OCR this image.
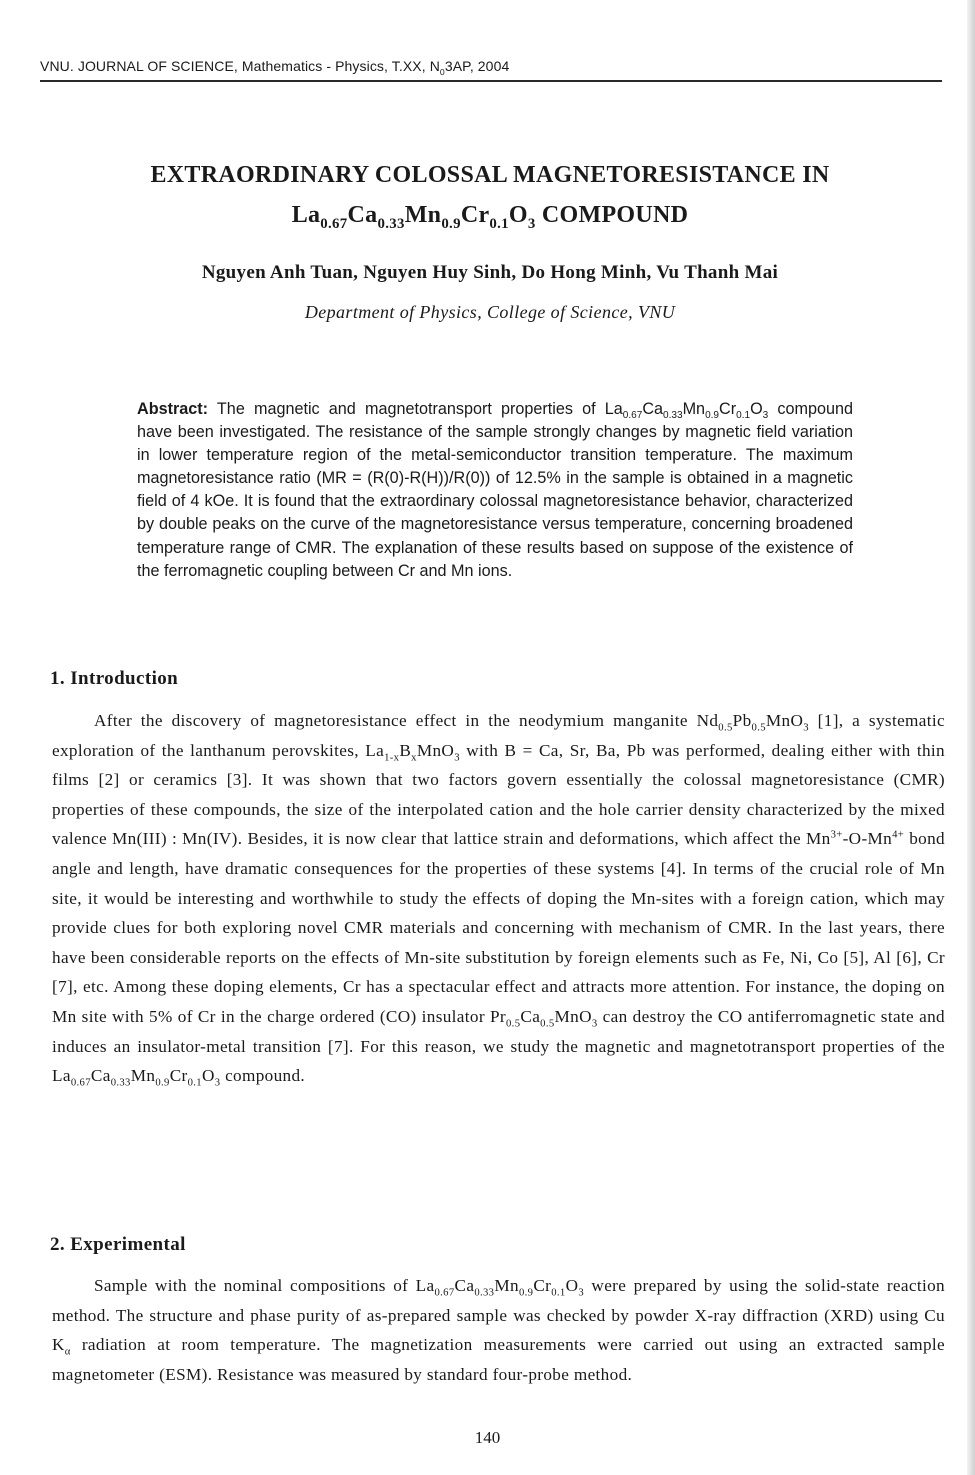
VNU. JOURNAL OF SCIENCE, Mathematics - Physics, T.XX, $N_03AP$, 2004
EXTRAORDINARY COLOSSAL MAGNETORESISTANCE IN
$La_{0.67}Ca_{0.33}Mn_{0.9}Cr_{0.1}O_3$ COMPOUND
Nguyen Anh Tuan, Nguyen Huy Sinh, Do Hong Minh, Vu Thanh Mai
Department of Physics, College of Science, VNU
Abstract: The magnetic and magnetotransport properties of $La_{0.67}Ca_{0.33}Mn_{0.9}Cr_{0.1}O_3$ compound have been investigated. The resistance of the sample strongly changes by magnetic field variation in lower temperature region of the metal-semiconductor transition temperature. The maximum magnetoresistance ratio (MR = (R(0)-R(H))/R(0)) of 12.5% in the sample is obtained in a magnetic field of 4 kOe. It is found that the extraordinary colossal magnetoresistance behavior, characterized by double peaks on the curve of the magnetoresistance versus temperature, concerning broadened temperature range of CMR. The explanation of these results based on suppose of the existence of the ferromagnetic coupling between Cr and Mn ions.
1. Introduction
After the discovery of magnetoresistance effect in the neodymium manganite $Nd_{0.5}Pb_{0.5}MnO_3$ [1], a systematic exploration of the lanthanum perovskites, $La_{1-x}B_xMnO_3$ with B = Ca, Sr, Ba, Pb was performed, dealing either with thin films [2] or ceramics [3]. It was shown that two factors govern essentially the colossal magnetoresistance (CMR) properties of these compounds, the size of the interpolated cation and the hole carrier density characterized by the mixed valence Mn(III) : Mn(IV). Besides, it is now clear that lattice strain and deformations, which affect the $Mn^{3+}-O-Mn^{4+}$ bond angle and length, have dramatic consequences for the properties of these systems [4]. In terms of the crucial role of Mn site, it would be interesting and worthwhile to study the effects of doping the Mn-sites with a foreign cation, which may provide clues for both exploring novel CMR materials and concerning with mechanism of CMR. In the last years, there have been considerable reports on the effects of Mn-site substitution by foreign elements such as Fe, Ni, Co [5], Al [6], Cr [7], etc. Among these doping elements, Cr has a spectacular effect and attracts more attention. For instance, the doping on Mn site with 5% of Cr in the charge ordered (CO) insulator $Pr_{0.5}Ca_{0.5}MnO_3$ can destroy the CO antiferromagnetic state and induces an insulator-metal transition [7]. For this reason, we study the magnetic and magnetotransport properties of the $La_{0.67}Ca_{0.33}Mn_{0.9}Cr_{0.1}O_3$ compound.
2. Experimental
Sample with the nominal compositions of $La_{0.67}Ca_{0.33}Mn_{0.9}Cr_{0.1}O_3$ were prepared by using the solid-state reaction method. The structure and phase purity of as-prepared sample was checked by powder X-ray diffraction (XRD) using Cu $K_\alpha$ radiation at room temperature. The magnetization measurements were carried out using an extracted sample magnetometer (ESM). Resistance was measured by standard four-probe method.
140
